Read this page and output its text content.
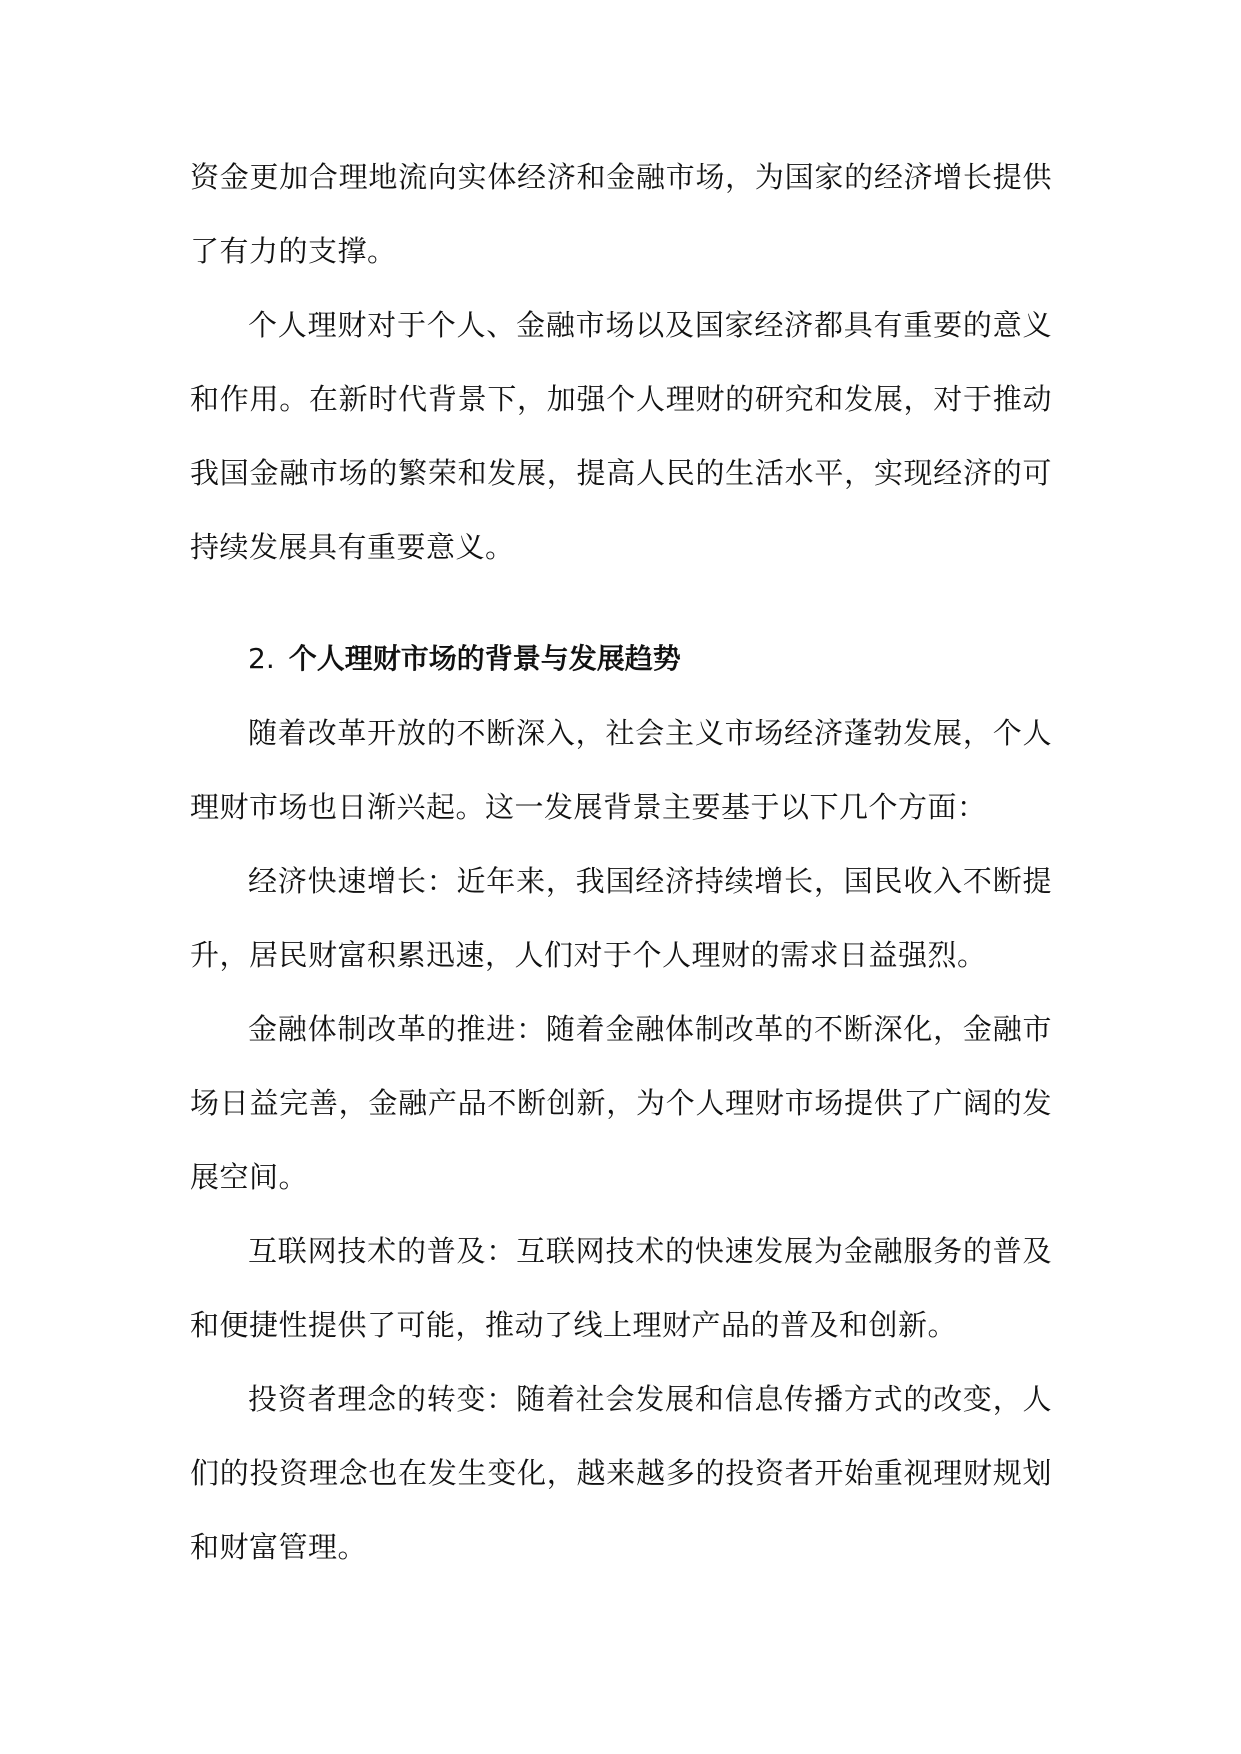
资金更加合理地流向实体经济和金融市场，为国家的经济增长提供了有力的支撑。

个人理财对于个人、金融市场以及国家经济都具有重要的意义和作用。在新时代背景下，加强个人理财的研究和发展，对于推动我国金融市场的繁荣和发展，提高人民的生活水平，实现经济的可持续发展具有重要意义。

2. 个人理财市场的背景与发展趋势

随着改革开放的不断深入，社会主义市场经济蓬勃发展，个人理财市场也日渐兴起。这一发展背景主要基于以下几个方面：

经济快速增长：近年来，我国经济持续增长，国民收入不断提升，居民财富积累迅速，人们对于个人理财的需求日益强烈。

金融体制改革的推进：随着金融体制改革的不断深化，金融市场日益完善，金融产品不断创新，为个人理财市场提供了广阔的发展空间。

互联网技术的普及：互联网技术的快速发展为金融服务的普及和便捷性提供了可能，推动了线上理财产品的普及和创新。

投资者理念的转变：随着社会发展和信息传播方式的改变，人们的投资理念也在发生变化，越来越多的投资者开始重视理财规划和财富管理。
